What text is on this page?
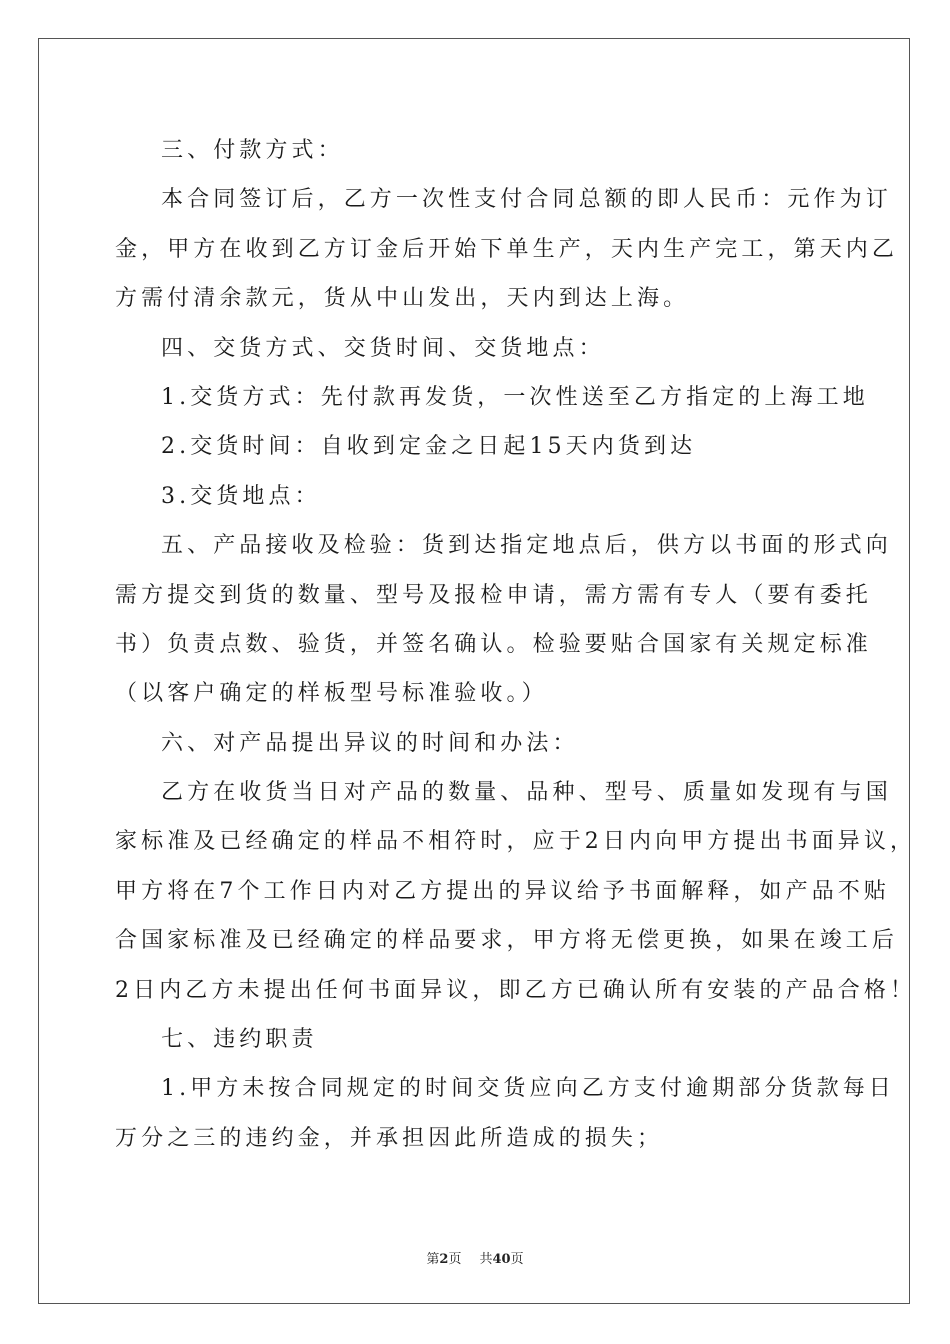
三、付款方式：
本合同签订后，乙方一次性支付合同总额的即人民币：元作为订
金，甲方在收到乙方订金后开始下单生产，天内生产完工，第天内乙
方需付清余款元，货从中山发出，天内到达上海。
四、交货方式、交货时间、交货地点：
1.交货方式：先付款再发货，一次性送至乙方指定的上海工地
2.交货时间：自收到定金之日起15天内货到达
3.交货地点：
五、产品接收及检验：货到达指定地点后，供方以书面的形式向
需方提交到货的数量、型号及报检申请，需方需有专人（要有委托
书）负责点数、验货，并签名确认。检验要贴合国家有关规定标准
（以客户确定的样板型号标准验收。）
六、对产品提出异议的时间和办法：
乙方在收货当日对产品的数量、品种、型号、质量如发现有与国
家标准及已经确定的样品不相符时，应于2日内向甲方提出书面异议，
甲方将在7个工作日内对乙方提出的异议给予书面解释，如产品不贴
合国家标准及已经确定的样品要求，甲方将无偿更换，如果在竣工后
2日内乙方未提出任何书面异议，即乙方已确认所有安装的产品合格！
七、违约职责
1.甲方未按合同规定的时间交货应向乙方支付逾期部分货款每日
万分之三的违约金，并承担因此所造成的损失；
第2页 共40页
